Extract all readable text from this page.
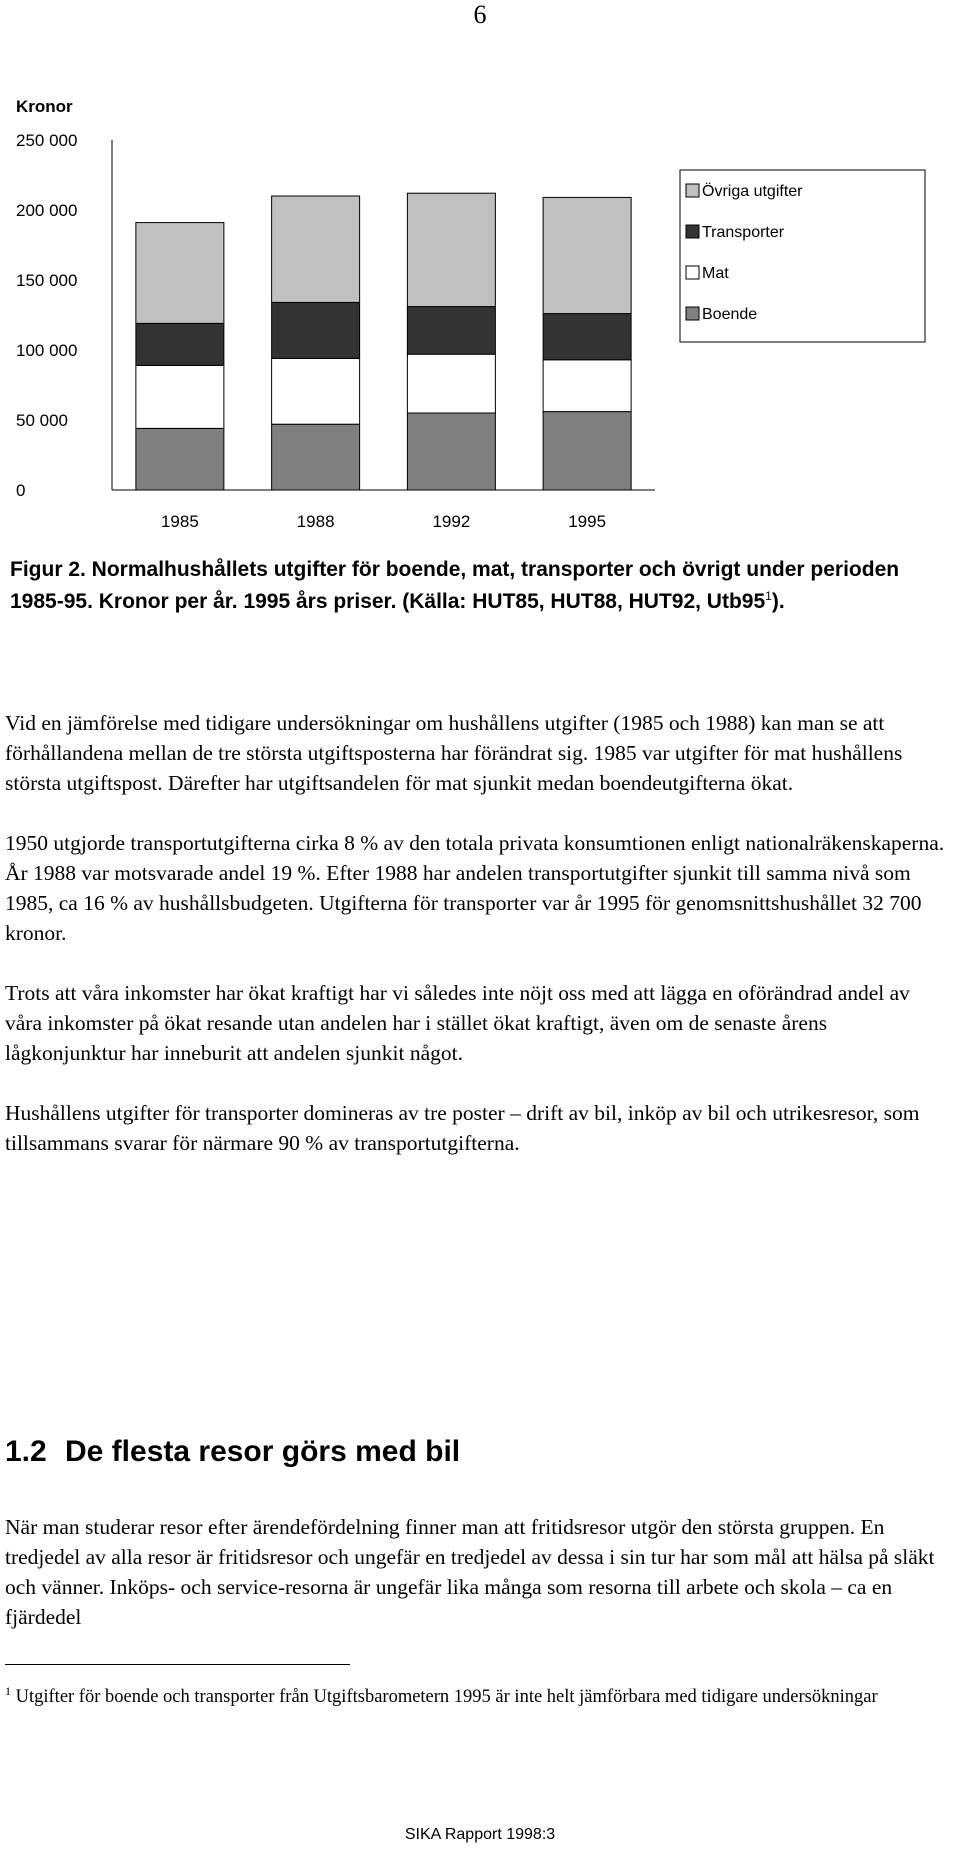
6
Kronor
0
50 000
100 000
150 000
200 000
250 000
1985	1988	1992	1995
Övriga utgifter
Transporter
Mat
Boende
Figur 2. Normalhushållets utgifter för boende, mat, transporter och övrigt under perioden 1985-95. Kronor per år. 1995 års priser. (Källa: HUT85, HUT88, HUT92, $Utb95^1$).

Vid en jämförelse med tidigare undersökningar om hushållens utgifter (1985 och 1988) kan man se att förhållandena mellan de tre största utgiftsposterna har förändrat sig. 1985 var utgifter för mat hushållens största utgiftspost. Därefter har utgiftsandelen för mat sjunkit medan boendeutgifterna ökat.

1950 utgjorde transportutgifterna cirka 8 % av den totala privata konsumtionen enligt nationalräkenskaperna. År 1988 var motsvarade andel 19 %. Efter 1988 har andelen transportutgifter sjunkit till samma nivå som 1985, ca 16 % av hushållsbudgeten. Utgifterna för transporter var år 1995 för genomsnittshushållet 32 700 kronor.

Trots att våra inkomster har ökat kraftigt har vi således inte nöjt oss med att lägga en oförändrad andel av våra inkomster på ökat resande utan andelen har i stället ökat kraftigt, även om de senaste årens lågkonjunktur har inneburit att andelen sjunkit något.

Hushållens utgifter för transporter domineras av tre poster – drift av bil, inköp av bil och utrikesresor, som tillsammans svarar för närmare 90 % av transportutgifterna.

1.2 De flesta resor görs med bil

När man studerar resor efter ärendefördelning finner man att fritidsresor utgör den största gruppen. En tredjedel av alla resor är fritidsresor och ungefär en tredjedel av dessa i sin tur har som mål att hälsa på släkt och vänner. Inköps- och service-resorna är ungefär lika många som resorna till arbete och skola – ca en fjärdedel

$^1$ Utgifter för boende och transporter från Utgiftsbarometern 1995 är inte helt jämförbara med tidigare undersökningar
SIKA Rapport 1998:3
